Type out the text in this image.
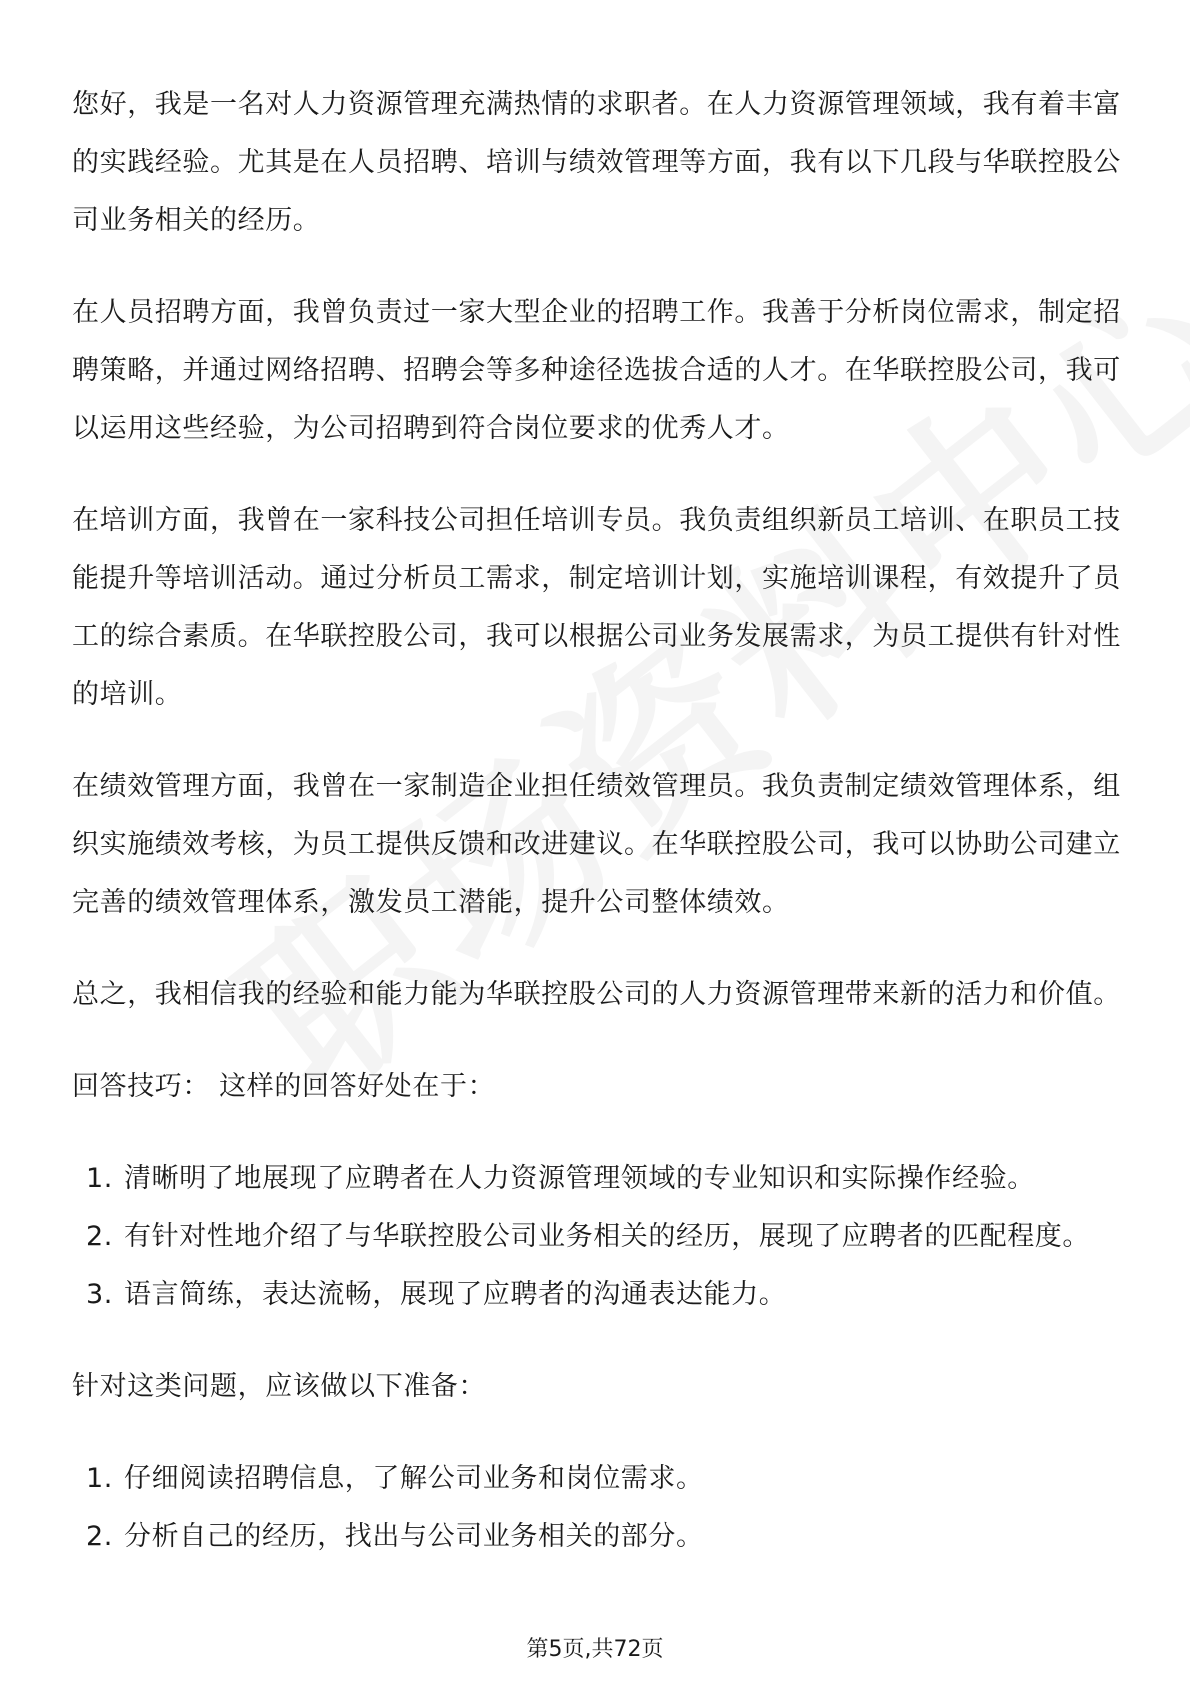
您好，我是一名对人力资源管理充满热情的求职者。在人力资源管理领域，我有着丰富的实践经验。尤其是在人员招聘、培训与绩效管理等方面，我有以下几段与华联控股公司业务相关的经历。

在人员招聘方面，我曾负责过一家大型企业的招聘工作。我善于分析岗位需求，制定招聘策略，并通过网络招聘、招聘会等多种途径选拔合适的人才。在华联控股公司，我可以运用这些经验，为公司招聘到符合岗位要求的优秀人才。

在培训方面，我曾在一家科技公司担任培训专员。我负责组织新员工培训、在职员工技能提升等培训活动。通过分析员工需求，制定培训计划，实施培训课程，有效提升了员工的综合素质。在华联控股公司，我可以根据公司业务发展需求，为员工提供有针对性的培训。

在绩效管理方面，我曾在一家制造企业担任绩效管理员。我负责制定绩效管理体系，组织实施绩效考核，为员工提供反馈和改进建议。在华联控股公司，我可以协助公司建立完善的绩效管理体系，激发员工潜能，提升公司整体绩效。

总之，我相信我的经验和能力能为华联控股公司的人力资源管理带来新的活力和价值。

回答技巧： 这样的回答好处在于：

1. 清晰明了地展现了应聘者在人力资源管理领域的专业知识和实际操作经验。
2. 有针对性地介绍了与华联控股公司业务相关的经历，展现了应聘者的匹配程度。
3. 语言简练，表达流畅，展现了应聘者的沟通表达能力。

针对这类问题，应该做以下准备：

1. 仔细阅读招聘信息，了解公司业务和岗位需求。
2. 分析自己的经历，找出与公司业务相关的部分。
第5页,共72页
